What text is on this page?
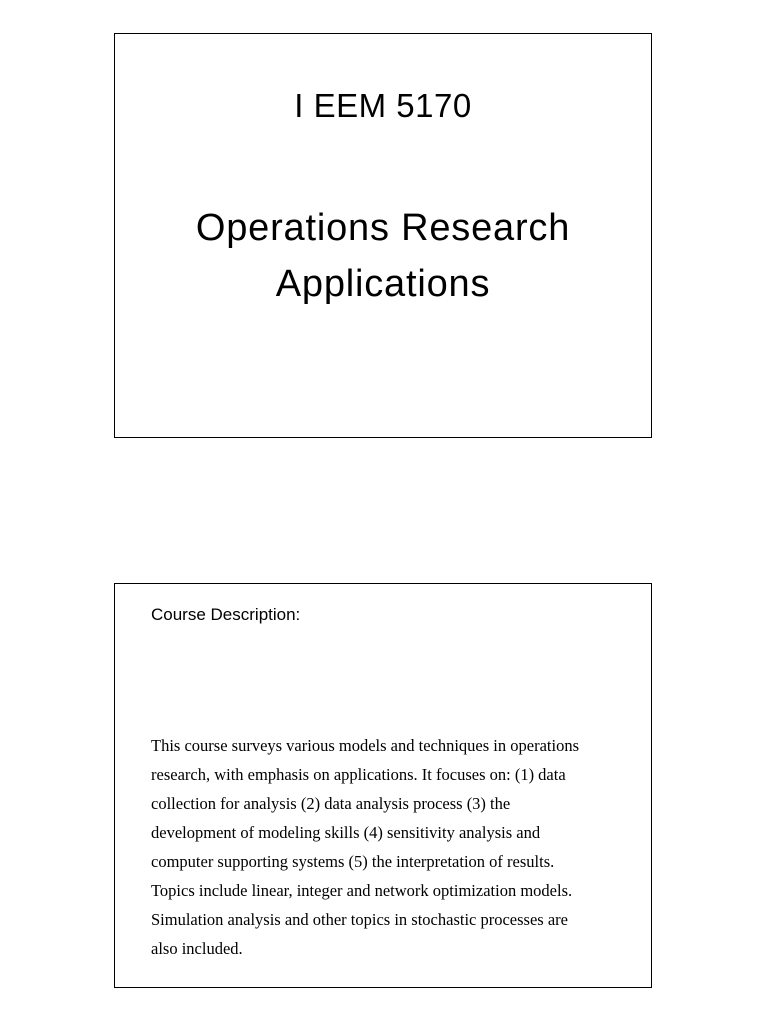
I EEM 5170
Operations Research
Applications
Course Description:
This course surveys various models and techniques in operations
research, with emphasis on applications. It focuses on: (1) data
collection for analysis (2) data analysis process (3) the
development of modeling skills (4) sensitivity analysis and
computer supporting systems (5) the interpretation of results.
Topics include linear, integer and network optimization models.
Simulation analysis and other topics in stochastic processes are
also included.
